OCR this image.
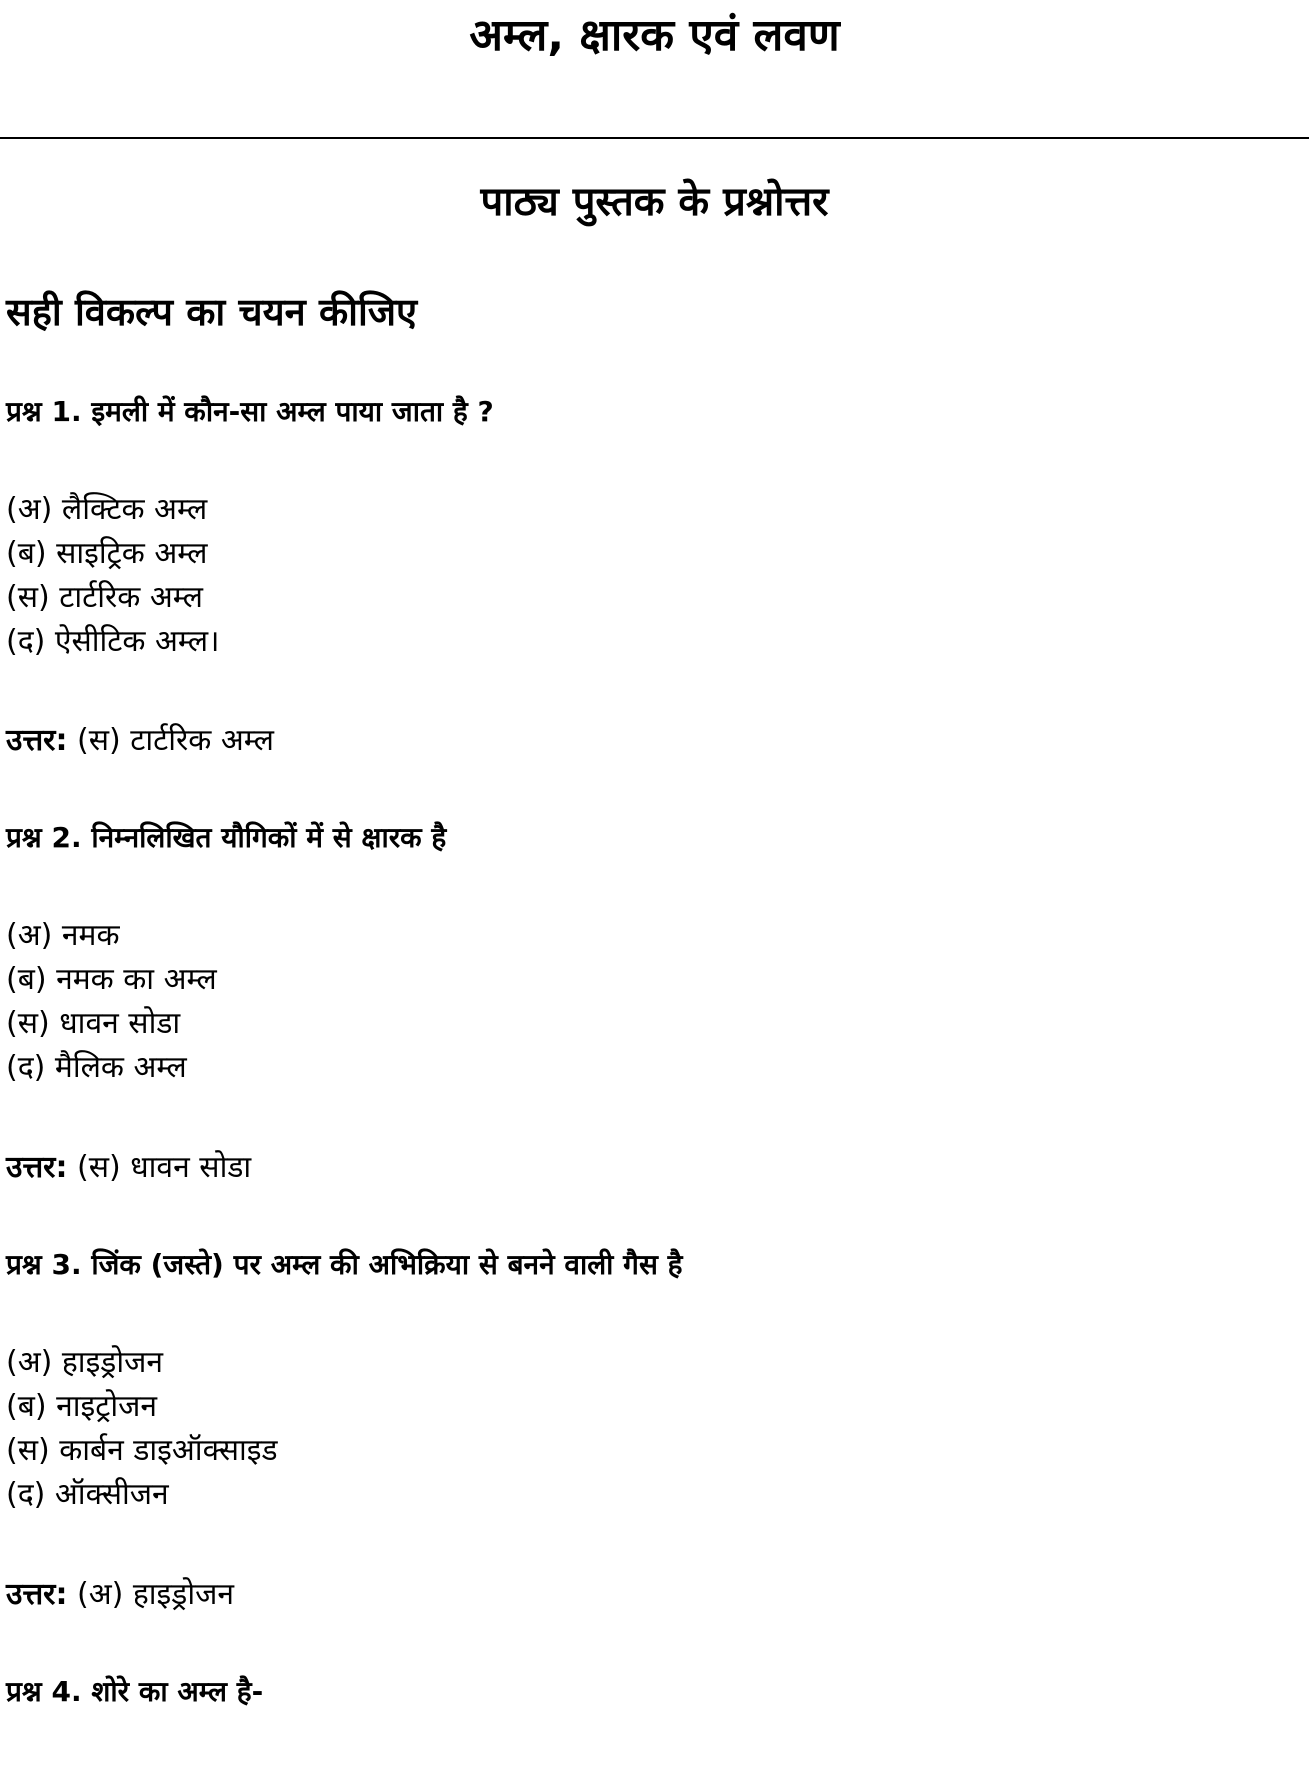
अम्ल, क्षारक एवं लवण
पाठ्य पुस्तक के प्रश्नोत्तर
सही विकल्प का चयन कीजिए

प्रश्न 1. इमली में कौन-सा अम्ल पाया जाता है ?

(अ) लैक्टिक अम्ल
(ब) साइट्रिक अम्ल
(स) टार्टरिक अम्ल
(द) ऐसीटिक अम्ल।

उत्तर: (स) टार्टरिक अम्ल

प्रश्न 2. निम्नलिखित यौगिकों में से क्षारक है

(अ) नमक
(ब) नमक का अम्ल
(स) धावन सोडा
(द) मैलिक अम्ल

उत्तर: (स) धावन सोडा

प्रश्न 3. जिंक (जस्ते) पर अम्ल की अभिक्रिया से बनने वाली गैस है

(अ) हाइड्रोजन
(ब) नाइट्रोजन
(स) कार्बन डाइऑक्साइड
(द) ऑक्सीजन

उत्तर: (अ) हाइड्रोजन

प्रश्न 4. शोरे का अम्ल है-
